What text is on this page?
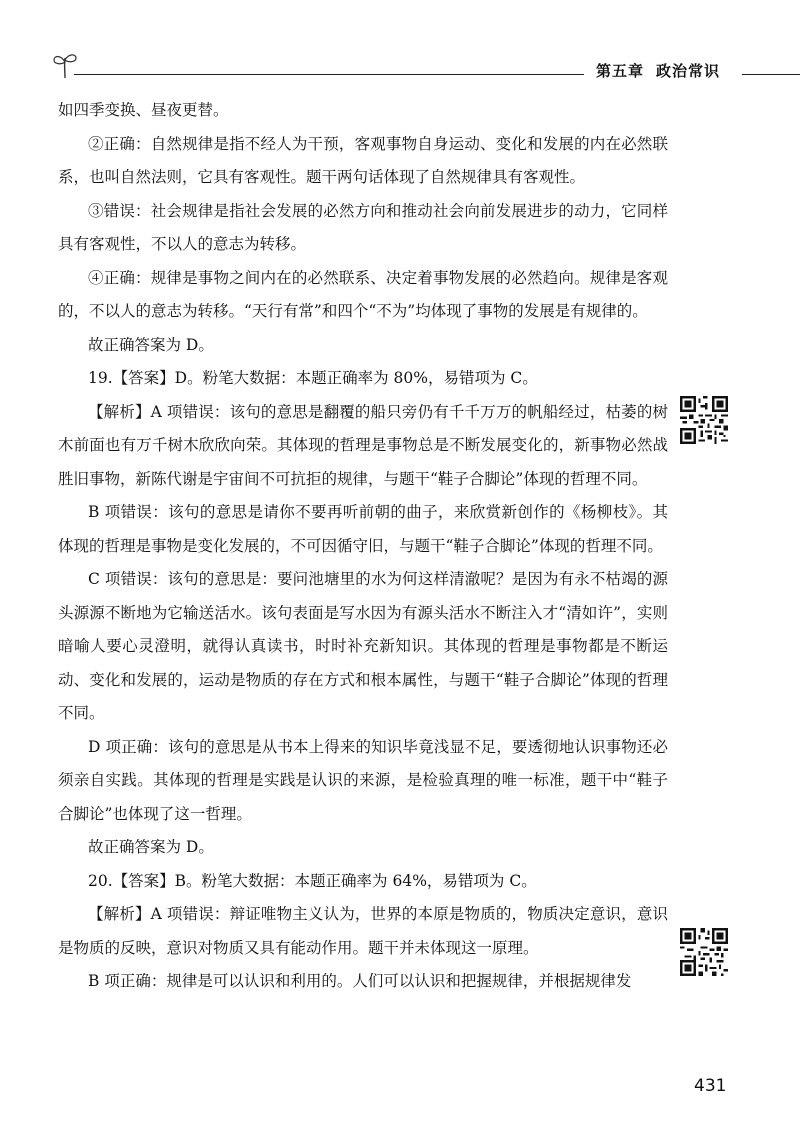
第五章 政治常识

如四季变换、昼夜更替。

②正确：自然规律是指不经人为干预，客观事物自身运动、变化和发展的内在必然联系，也叫自然法则，它具有客观性。题干两句话体现了自然规律具有客观性。

③错误：社会规律是指社会发展的必然方向和推动社会向前发展进步的动力，它同样具有客观性，不以人的意志为转移。

④正确：规律是事物之间内在的必然联系、决定着事物发展的必然趋向。规律是客观的，不以人的意志为转移。“天行有常”和四个“不为”均体现了事物的发展是有规律的。

故正确答案为 D。

19.【答案】D。粉笔大数据：本题正确率为 80%，易错项为 C。

【解析】A 项错误：该句的意思是翻覆的船只旁仍有千千万万的帆船经过，枯萎的树木前面也有万千树木欣欣向荣。其体现的哲理是事物总是不断发展变化的，新事物必然战胜旧事物，新陈代谢是宇宙间不可抗拒的规律，与题干“鞋子合脚论”体现的哲理不同。

B 项错误：该句的意思是请你不要再听前朝的曲子，来欣赏新创作的《杨柳枝》。其体现的哲理是事物是变化发展的，不可因循守旧，与题干“鞋子合脚论”体现的哲理不同。

C 项错误：该句的意思是：要问池塘里的水为何这样清澈呢？是因为有永不枯竭的源头源源不断地为它输送活水。该句表面是写水因为有源头活水不断注入才“清如许”，实则暗喻人要心灵澄明，就得认真读书，时时补充新知识。其体现的哲理是事物都是不断运动、变化和发展的，运动是物质的存在方式和根本属性，与题干“鞋子合脚论”体现的哲理不同。

D 项正确：该句的意思是从书本上得来的知识毕竟浅显不足，要透彻地认识事物还必须亲自实践。其体现的哲理是实践是认识的来源，是检验真理的唯一标准，题干中“鞋子合脚论”也体现了这一哲理。

故正确答案为 D。

20.【答案】B。粉笔大数据：本题正确率为 64%，易错项为 C。

【解析】A 项错误：辩证唯物主义认为，世界的本原是物质的，物质决定意识，意识是物质的反映，意识对物质又具有能动作用。题干并未体现这一原理。

B 项正确：规律是可以认识和利用的。人们可以认识和把握规律，并根据规律发

431
